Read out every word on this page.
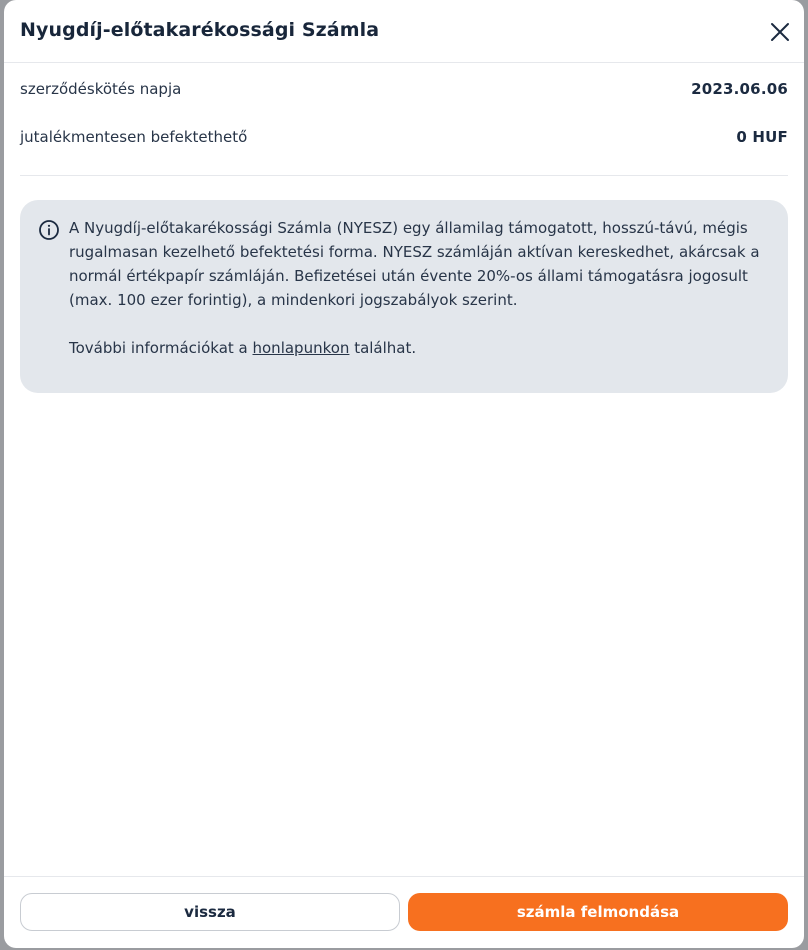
Nyugdíj-előtakarékossági Számla
szerződéskötés napja	2023.06.06
jutalékmentesen befektethető	0 HUF

A Nyugdíj-előtakarékossági Számla (NYESZ) egy államilag támogatott, hosszú-távú, mégis rugalmasan kezelhető befektetési forma. NYESZ számláján aktívan kereskedhet, akárcsak a normál értékpapír számláján. Befizetései után évente 20%-os állami támogatásra jogosult (max. 100 ezer forintig), a mindenkori jogszabályok szerint.

További információkat a honlapunkon találhat.

vissza	számla felmondása
